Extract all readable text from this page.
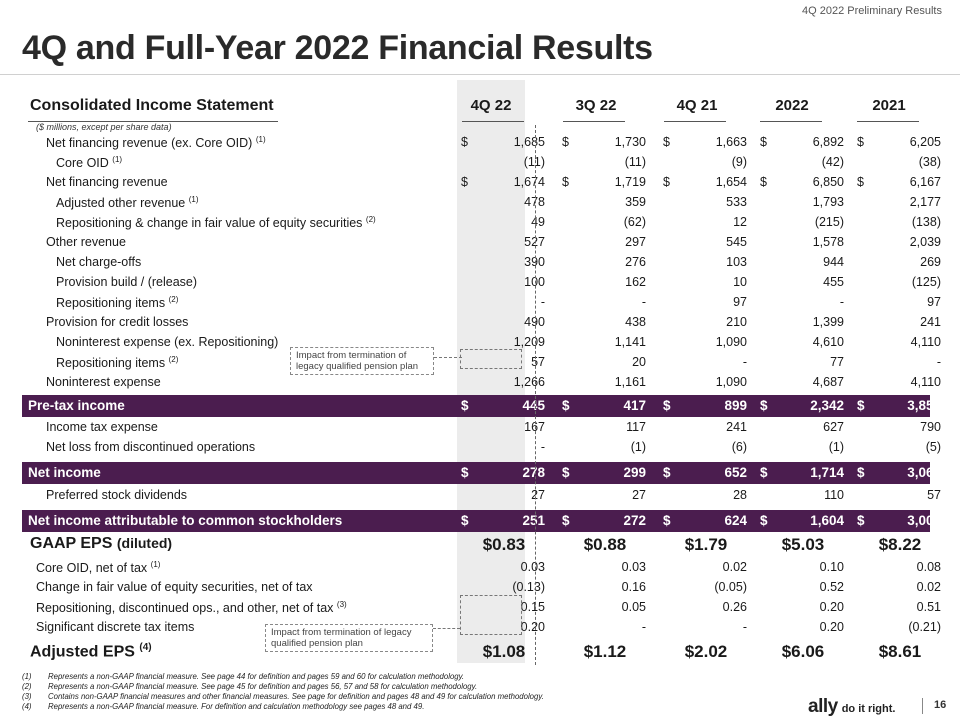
4Q 2022 Preliminary Results
4Q and Full-Year 2022 Financial Results
Consolidated Income Statement	4Q 22	3Q 22	4Q 21	2022	2021
($ millions, except per share data)
Net financing revenue (ex. Core OID) $^{(1)}$	$	1,685 $	1,730 $	1,663 $	6,892 $	6,205
Core OID $^{(1)}$	(11)	(11)	(9)	(42)	(38)
Net financing revenue	$	1,674 $	1,719 $	1,654 $	6,850 $	6,167
Adjusted other revenue $^{(1)}$	478	359	533	1,793	2,177
Repositioning & change in fair value of equity securities $^{(2)}$	49	(62)	12	(215)	(138)
Other revenue	527	297	545	1,578	2,039
Net charge-offs	390	276	103	944	269
Provision build / (release)	100	162	10	455	(125)
Repositioning items $^{(2)}$	-	-	97	-	97
Provision for credit losses	490	438	210	1,399	241
Noninterest expense (ex. Repositioning)	1,209	1,141	1,090	4,610	4,110
Repositioning items $^{(2)}$	57	20	-	77	-
Noninterest expense	1,266	1,161	1,090	4,687	4,110
Pre-tax income	$	445 $	417 $	899 $	2,342 $	3,855
Income tax expense	167	117	241	627	790
Net loss from discontinued operations	-	(1)	(6)	(1)	(5)
Net income	$	278 $	299 $	652 $	1,714 $	3,060
Preferred stock dividends	27	27	28	110	57
Net income attributable to common stockholders	$	251 $	272 $	624 $	1,604 $	3,003
GAAP EPS (diluted)	$0.83	$0.88	$1.79	$5.03	$8.22
Core OID, net of tax $^{(1)}$	0.03	0.03	0.02	0.10	0.08
Change in fair value of equity securities, net of tax	(0.13)	0.16	(0.05)	0.52	0.02
Repositioning, discontinued ops., and other, net of tax $^{(3)}$	0.15	0.05	0.26	0.20	0.51
Significant discrete tax items	0.20	-	-	0.20	(0.21)
Adjusted EPS $^{(4)}$	$1.08	$1.12	$2.02	$6.06	$8.61
Impact from termination of legacy qualified pension plan
Impact from termination of legacy qualified pension plan
(1) Represents a non-GAAP financial measure. See page 44 for definition and pages 59 and 60 for calculation methodology.
(2) Represents a non-GAAP financial measure. See page 45 for definition and pages 56, 57 and 58 for calculation methodology.
(3) Contains non-GAAP financial measures and other financial measures. See page for definition and pages 48 and 49 for calculation methodology.
(4) Represents a non-GAAP financial measure. For definition and calculation methodology see pages 48 and 49.	ally do it right.	16
